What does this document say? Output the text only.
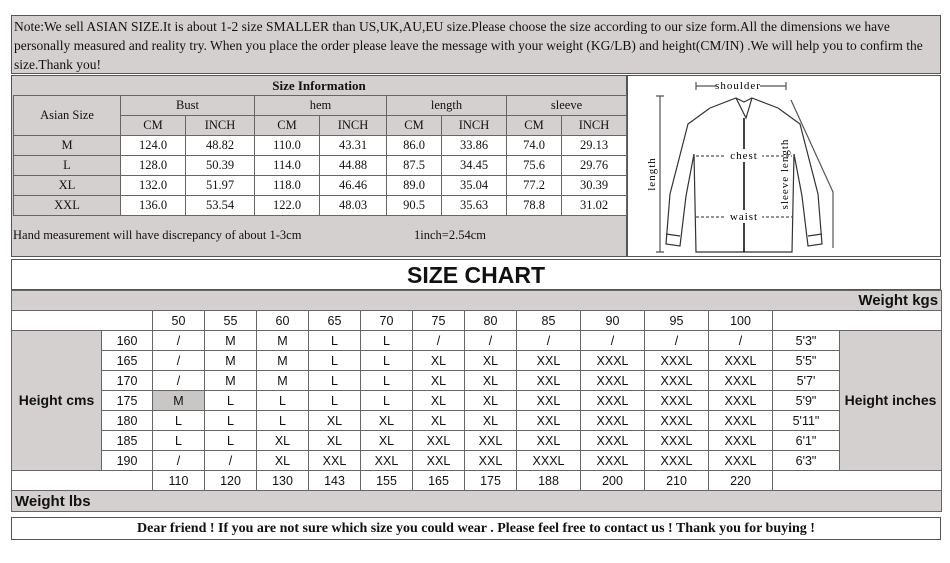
Note:We sell ASIAN SIZE.It is about 1-2 size SMALLER than US,UK,AU,EU size.Please choose the size according to our size form.All the dimensions we have personally measured and reality try. When you place the order please leave the message with your weight (KG/LB) and height(CM/IN) .We will help you to confirm the size.Thank you!
Size Information
Asian Size	Bust		hem		length		sleeve	
	CM	INCH	CM	INCH	CM	INCH	CM	INCH
M	124.0	48.82	110.0	43.31	86.0	33.86	74.0	29.13
L	128.0	50.39	114.0	44.88	87.5	34.45	75.6	29.76
XL	132.0	51.97	118.0	46.46	89.0	35.04	77.2	30.39
XXL	136.0	53.54	122.0	48.03	90.5	35.63	78.8	31.02
Hand measurement will have discrepancy of about 1-3cm	1inch=2.54cm
shoulder
chest
waist
length	sleeve length
SIZE CHART
Weight kgs														
		50	55	60	65	70	75	80	85	90	95	100		
Height cms	160	/	M	M	L	L	/	/	/	/	/	/	5'3"	Height inches
	165	/	M	M	L	L	XL	XL	XXL	XXXL	XXXL	XXXL	5'5"	
	170	/	M	M	L	L	XL	XL	XXL	XXXL	XXXL	XXXL	5'7'	
	175	M	L	L	L	L	XL	XL	XXL	XXXL	XXXL	XXXL	5'9"	
	180	L	L	L	XL	XL	XL	XL	XXL	XXXL	XXXL	XXXL	5'11"	
	185	L	L	XL	XL	XL	XXL	XXL	XXL	XXXL	XXXL	XXXL	6'1"	
	190	/	/	XL	XXL	XXL	XXL	XXL	XXXL	XXXL	XXXL	XXXL	6'3"	
		110	120	130	143	155	165	175	188	200	210	220		
Weight lbs														
Dear friend ! If you are not sure which size you could wear . Please feel free to contact us ! Thank you for buying !
